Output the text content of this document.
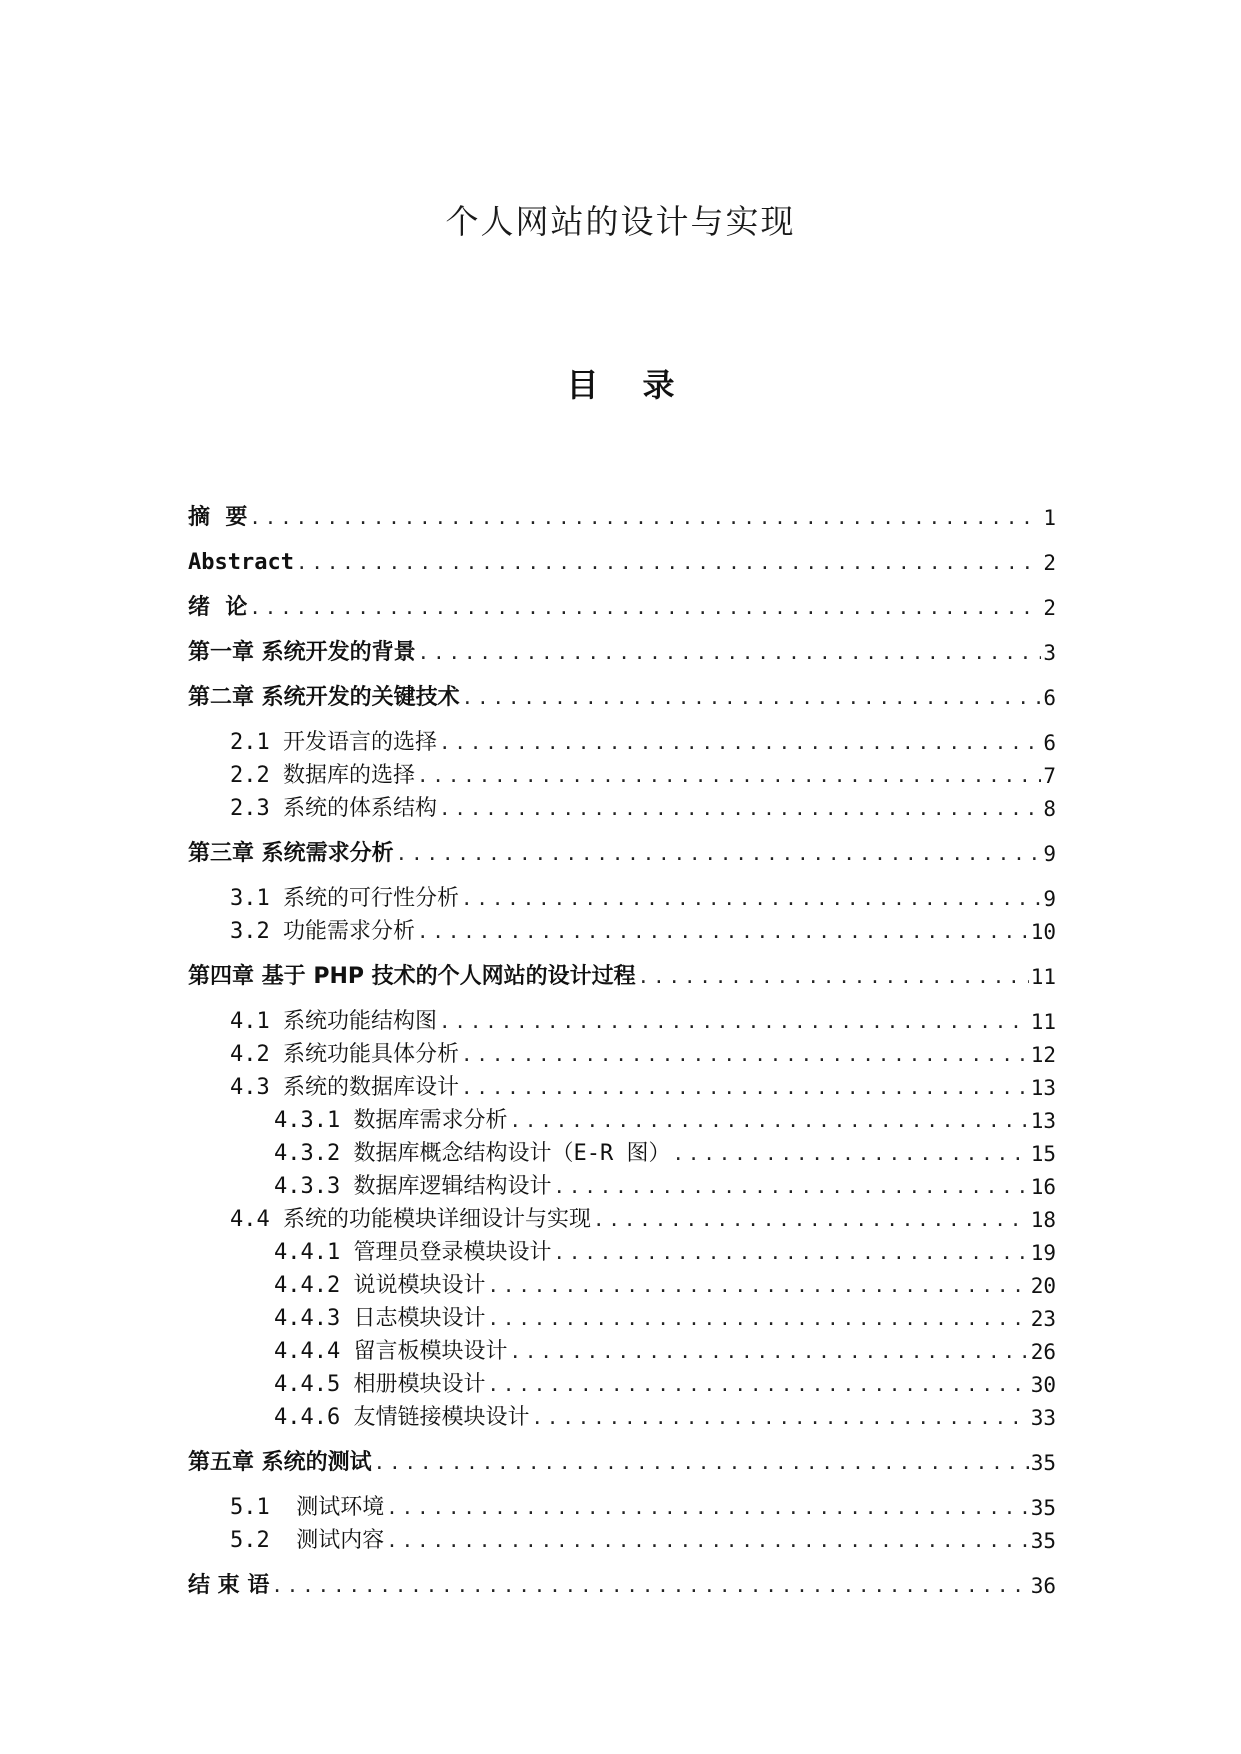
个人网站的设计与实现
目 录
摘  要 .....	1
Abstract .....	2
绪  论 .....	2
第一章 系统开发的背景 .....	3
第二章 系统开发的关键技术 .....	6
2.1 开发语言的选择 .....	6
2.2 数据库的选择 .....	7
2.3 系统的体系结构 .....	8
第三章 系统需求分析 .....	9
3.1 系统的可行性分析 .....	9
3.2 功能需求分析 .....	10
第四章 基于 PHP 技术的个人网站的设计过程 .....	11
4.1 系统功能结构图 .....	11
4.2 系统功能具体分析 .....	12
4.3 系统的数据库设计 .....	13
4.3.1 数据库需求分析 .....	13
4.3.2 数据库概念结构设计（E-R 图） .....	15
4.3.3 数据库逻辑结构设计 .....	16
4.4 系统的功能模块详细设计与实现 .....	18
4.4.1 管理员登录模块设计 .....	19
4.4.2 说说模块设计 .....	20
4.4.3 日志模块设计 .....	23
4.4.4 留言板模块设计 .....	26
4.4.5 相册模块设计 .....	30
4.4.6 友情链接模块设计 .....	33
第五章 系统的测试 .....	35
5.1  测试环境 .....	35
5.2  测试内容 .....	35
结 束 语 .....	36
